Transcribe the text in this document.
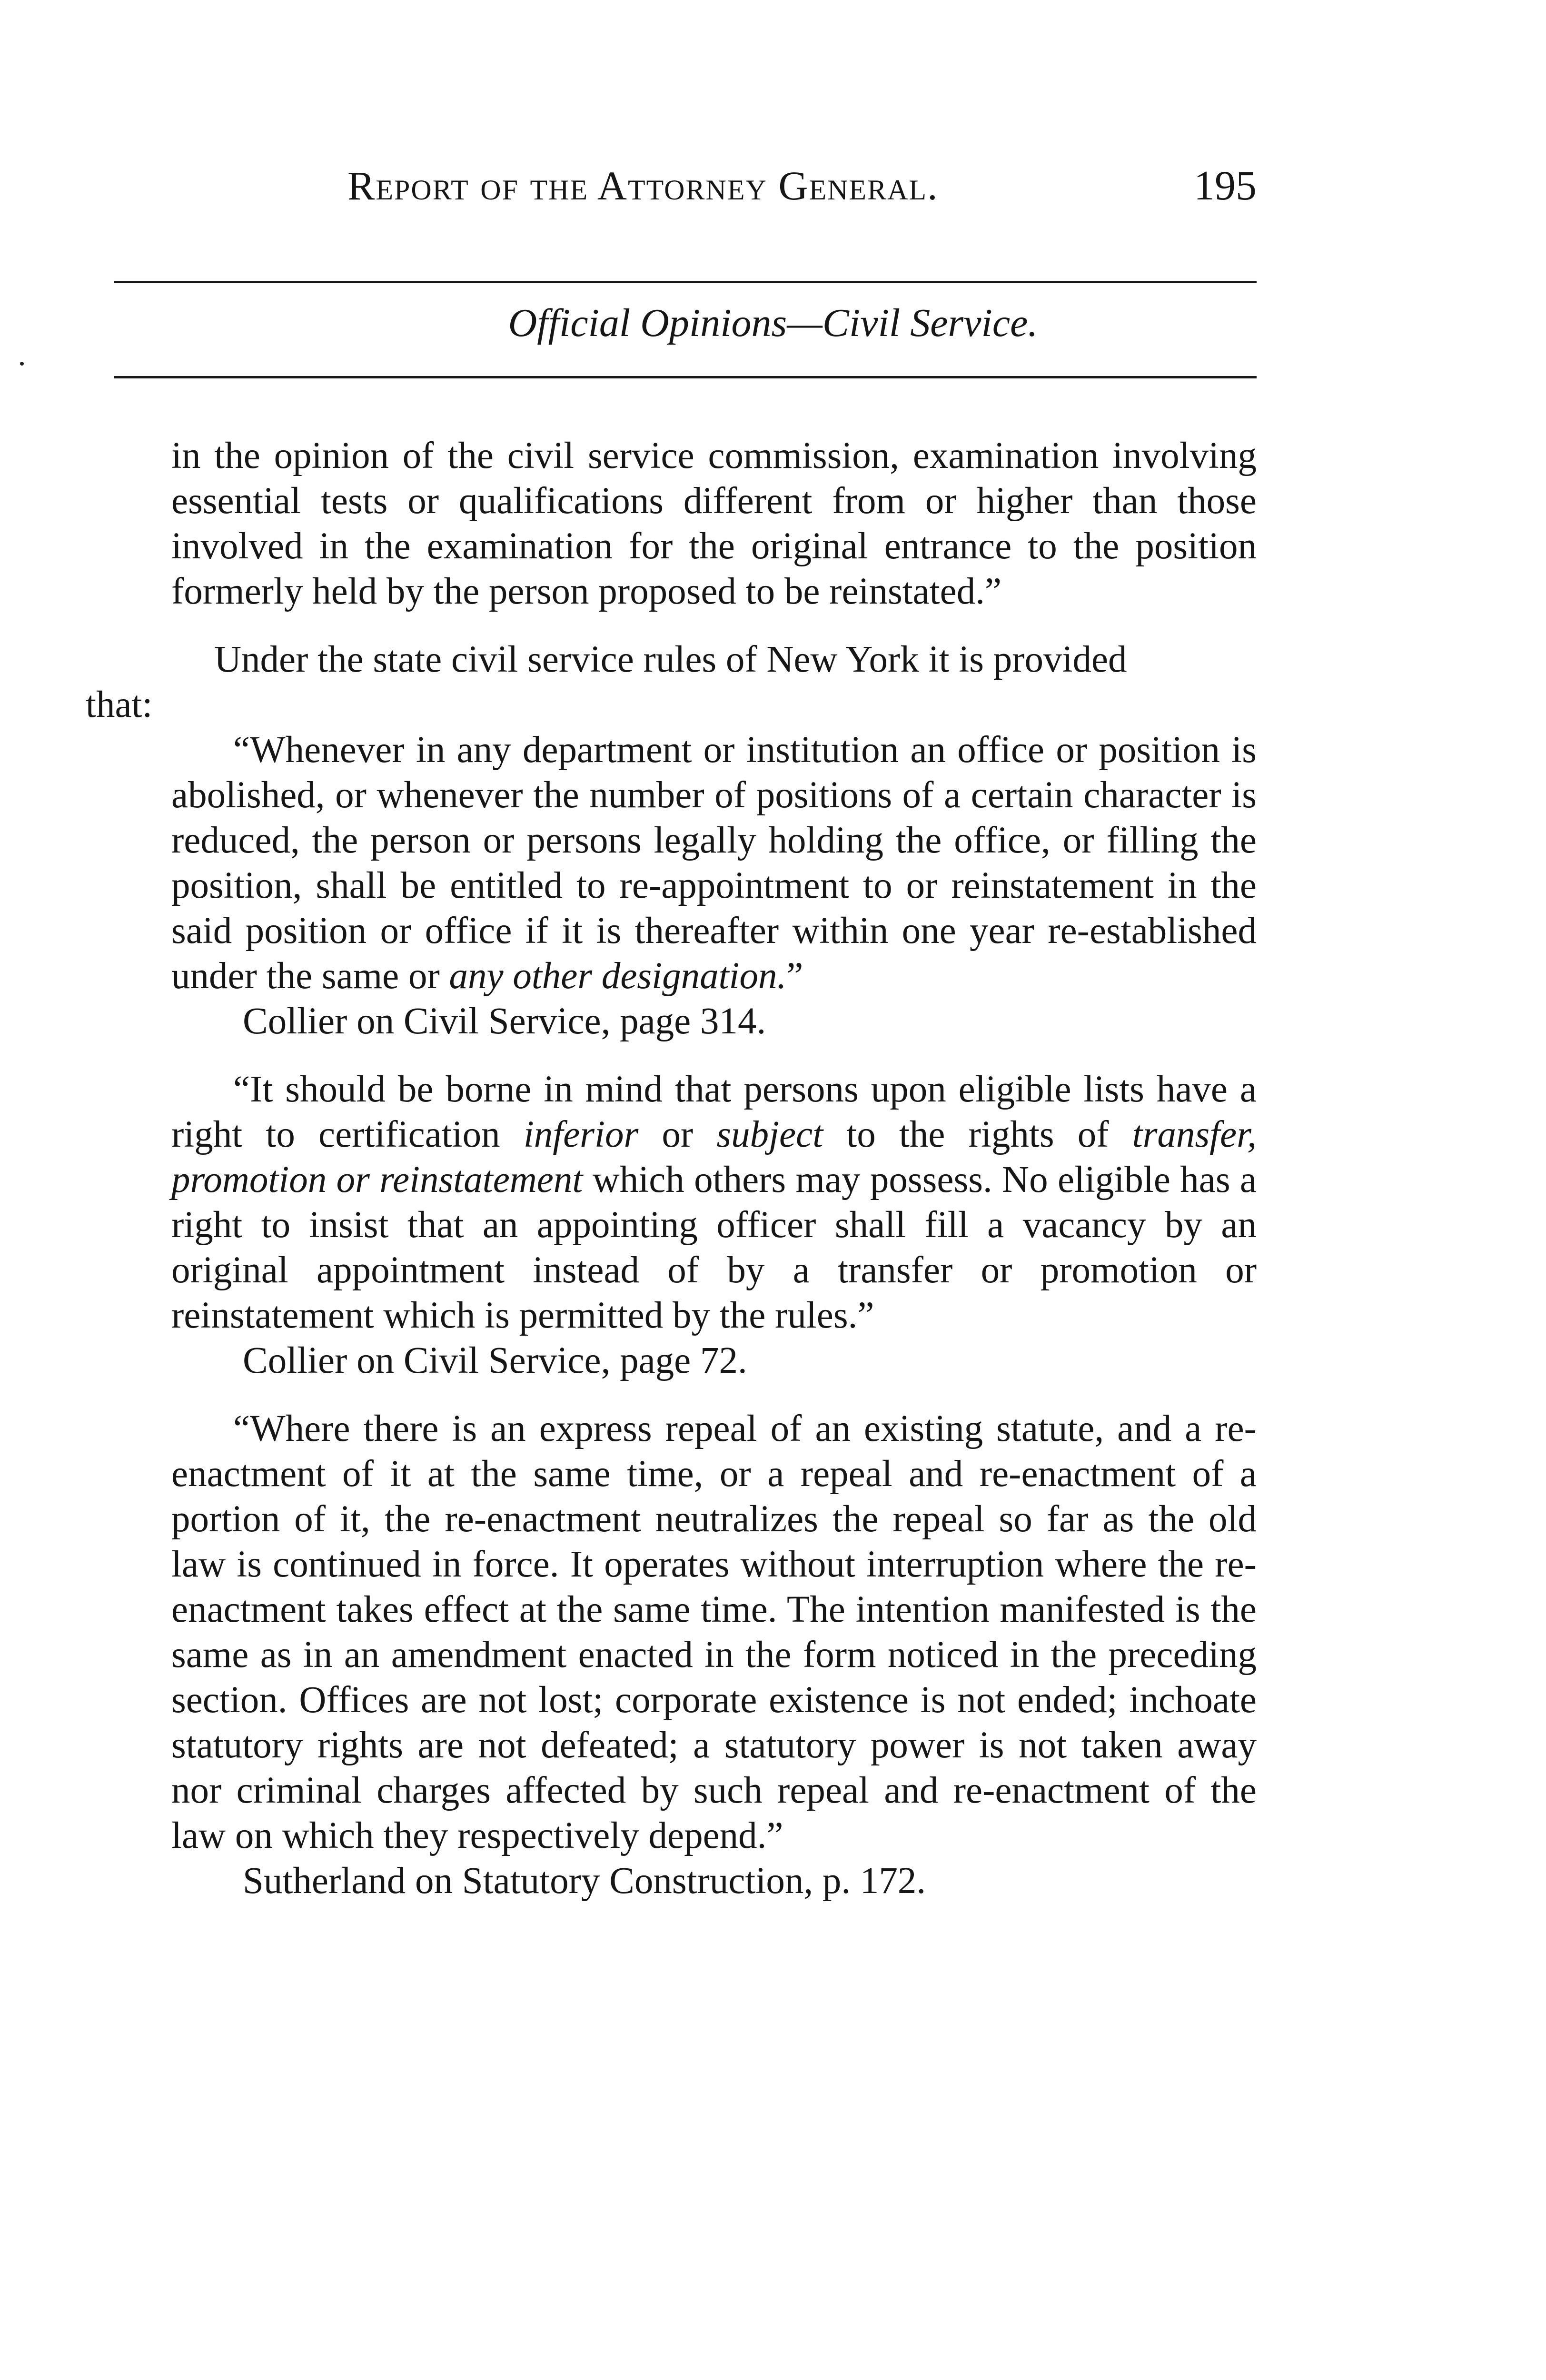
Report of the Attorney General.	195
Official Opinions—Civil Service.

in the opinion of the civil service commission, examination involving essential tests or qualifications different from or higher than those involved in the examination for the original entrance to the position formerly held by the person proposed to be reinstated.”

Under the state civil service rules of New York it is provided

that:

“Whenever in any department or institution an office or position is abolished, or whenever the number of positions of a certain character is reduced, the person or persons legally holding the office, or filling the position, shall be entitled to re-appointment to or reinstatement in the said position or office if it is thereafter within one year re-established under the same or any other designation.”

Collier on Civil Service, page 314.

“It should be borne in mind that persons upon eligible lists have a right to certification inferior or subject to the rights of transfer, promotion or reinstatement which others may possess. No eligible has a right to insist that an appointing officer shall fill a vacancy by an original appointment instead of by a transfer or promotion or reinstatement which is permitted by the rules.”

Collier on Civil Service, page 72.

“Where there is an express repeal of an existing statute, and a re-enactment of it at the same time, or a repeal and re-enactment of a portion of it, the re-enactment neutralizes the repeal so far as the old law is continued in force. It operates without interruption where the re-enactment takes effect at the same time. The intention manifested is the same as in an amendment enacted in the form noticed in the preceding section. Offices are not lost; corporate existence is not ended; inchoate statutory rights are not defeated; a statutory power is not taken away nor criminal charges affected by such repeal and re-enactment of the law on which they respectively depend.”

Sutherland on Statutory Construction, p. 172.
